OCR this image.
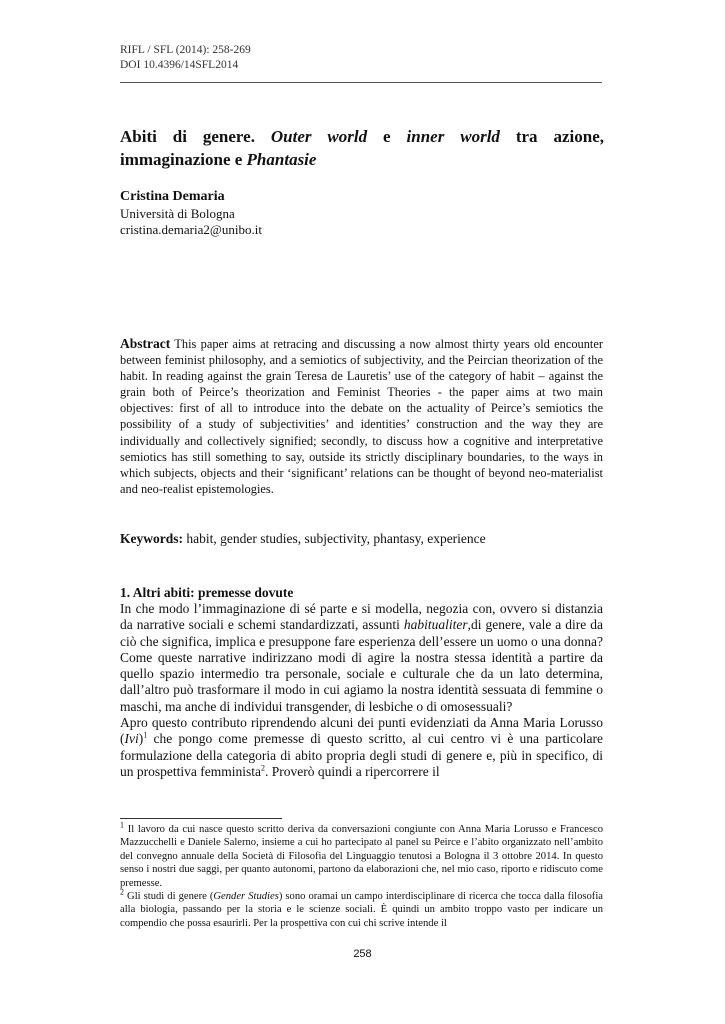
RIFL / SFL (2014): 258-269
DOI 10.4396/14SFL2014
Abiti di genere. Outer world e inner world tra azione, immaginazione e Phantasie
Cristina Demaria
Università di Bologna
cristina.demaria2@unibo.it

Abstract This paper aims at retracing and discussing a now almost thirty years old encounter between feminist philosophy, and a semiotics of subjectivity, and the Peircian theorization of the habit. In reading against the grain Teresa de Lauretis’ use of the category of habit – against the grain both of Peirce’s theorization and Feminist Theories - the paper aims at two main objectives: first of all to introduce into the debate on the actuality of Peirce’s semiotics the possibility of a study of subjectivities’ and identities’ construction and the way they are individually and collectively signified; secondly, to discuss how a cognitive and interpretative semiotics has still something to say, outside its strictly disciplinary boundaries, to the ways in which subjects, objects and their ‘significant’ relations can be thought of beyond neo-materialist and neo-realist epistemologies.

Keywords: habit, gender studies, subjectivity, phantasy, experience

1. Altri abiti: premesse dovute

In che modo l’immaginazione di sé parte e si modella, negozia con, ovvero si distanzia da narrative sociali e schemi standardizzati, assunti habitualiter,di genere, vale a dire da ciò che significa, implica e presuppone fare esperienza dell’essere un uomo o una donna? Come queste narrative indirizzano modi di agire la nostra stessa identità a partire da quello spazio intermedio tra personale, sociale e culturale che da un lato determina, dall’altro può trasformare il modo in cui agiamo la nostra identità sessuata di femmine o maschi, ma anche di individui transgender, di lesbiche o di omosessuali?

Apro questo contributo riprendendo alcuni dei punti evidenziati da Anna Maria Lorusso (Ivi)$^1$ che pongo come premesse di questo scritto, al cui centro vi è una particolare formulazione della categoria di abito propria degli studi di genere e, più in specifico, di un prospettiva femminista$^2$. Proverò quindi a ripercorrere il

$^1$ Il lavoro da cui nasce questo scritto deriva da conversazioni congiunte con Anna Maria Lorusso e Francesco Mazzucchelli e Daniele Salerno, insieme a cui ho partecipato al panel su Peirce e l’abito organizzato nell’ambito del convegno annuale della Società di Filosofia del Linguaggio tenutosi a Bologna il 3 ottobre 2014. In questo senso i nostri due saggi, per quanto autonomi, partono da elaborazioni che, nel mio caso, riporto e ridiscuto come premesse.

$^2$ Gli studi di genere (Gender Studies) sono oramai un campo interdisciplinare di ricerca che tocca dalla filosofia alla biologia, passando per la storia e le scienze sociali. È quindi un ambito troppo vasto per indicare un compendio che possa esaurirli. Per la prospettiva con cui chi scrive intende il

258
